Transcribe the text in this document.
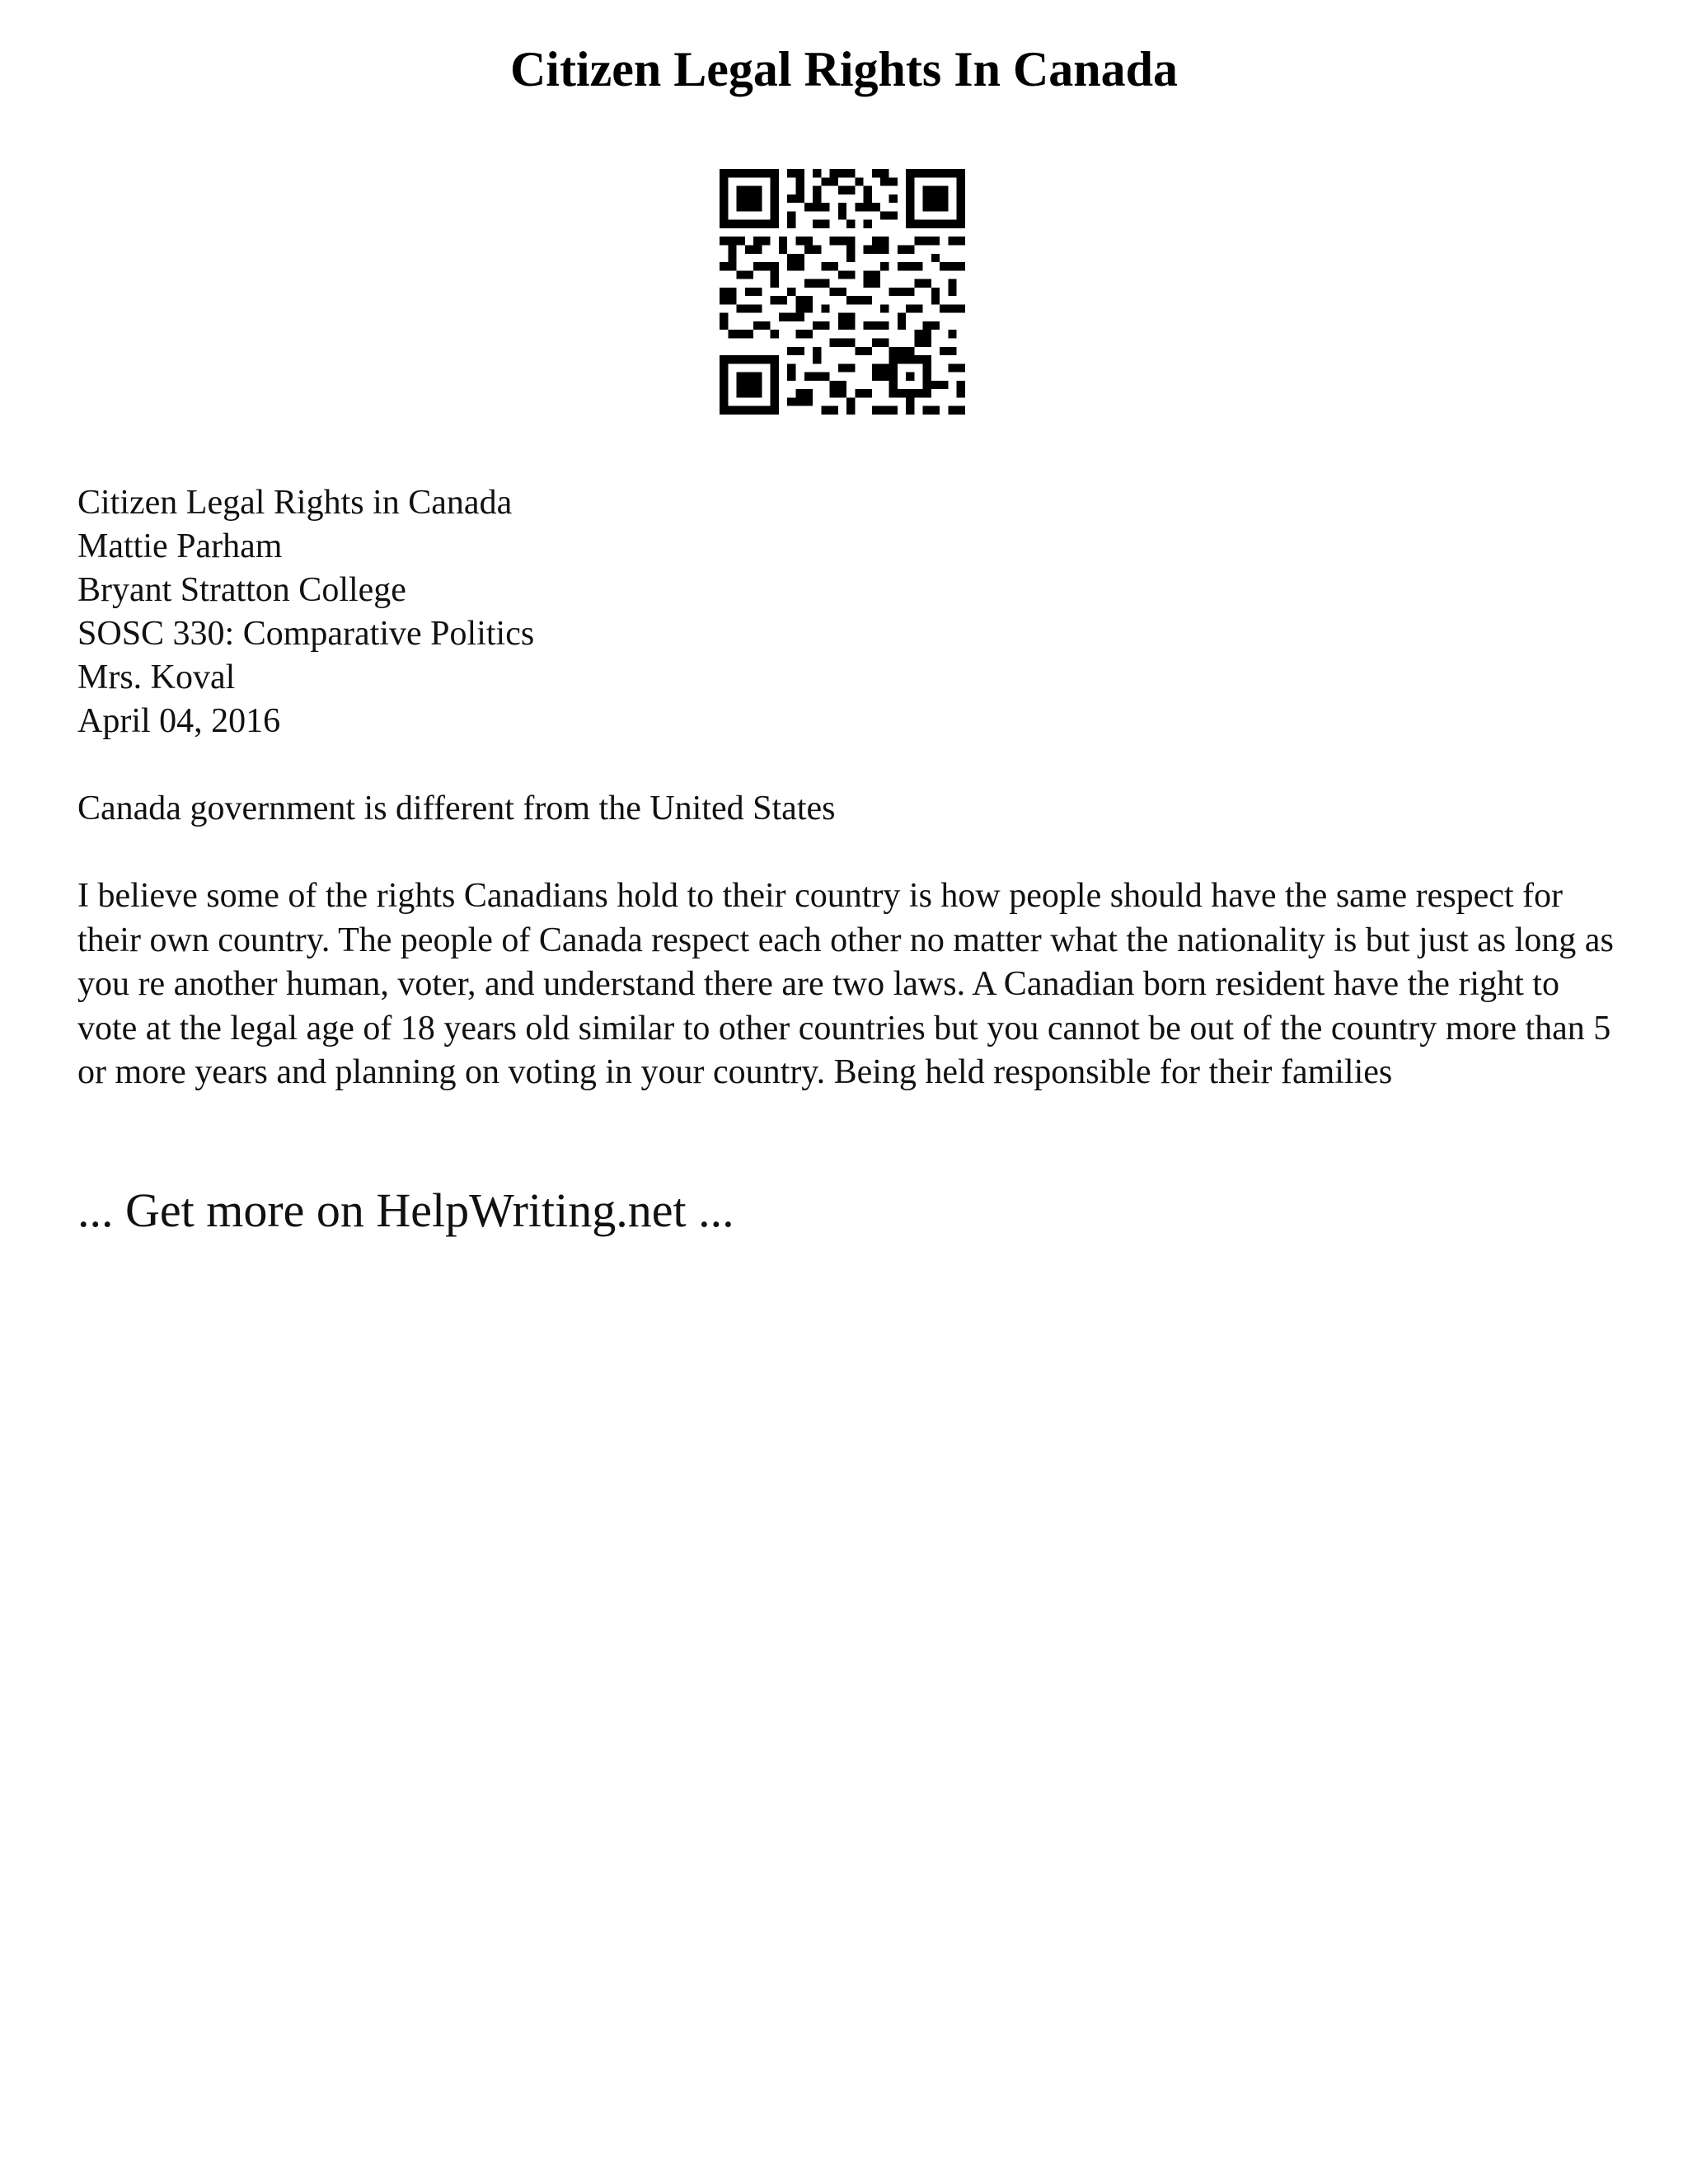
Citizen Legal Rights In Canada
Citizen Legal Rights in Canada
Mattie Parham
Bryant Stratton College
SOSC 330: Comparative Politics
Mrs. Koval
April 04, 2016

Canada government is different from the United States

I believe some of the rights Canadians hold to their country is how people should have the same respect for their own country. The people of Canada respect each other no matter what the nationality is but just as long as you re another human, voter, and understand there are two laws. A Canadian born resident have the right to vote at the legal age of 18 years old similar to other countries but you cannot be out of the country more than 5 or more years and planning on voting in your country. Being held responsible for their families

... Get more on HelpWriting.net ...
